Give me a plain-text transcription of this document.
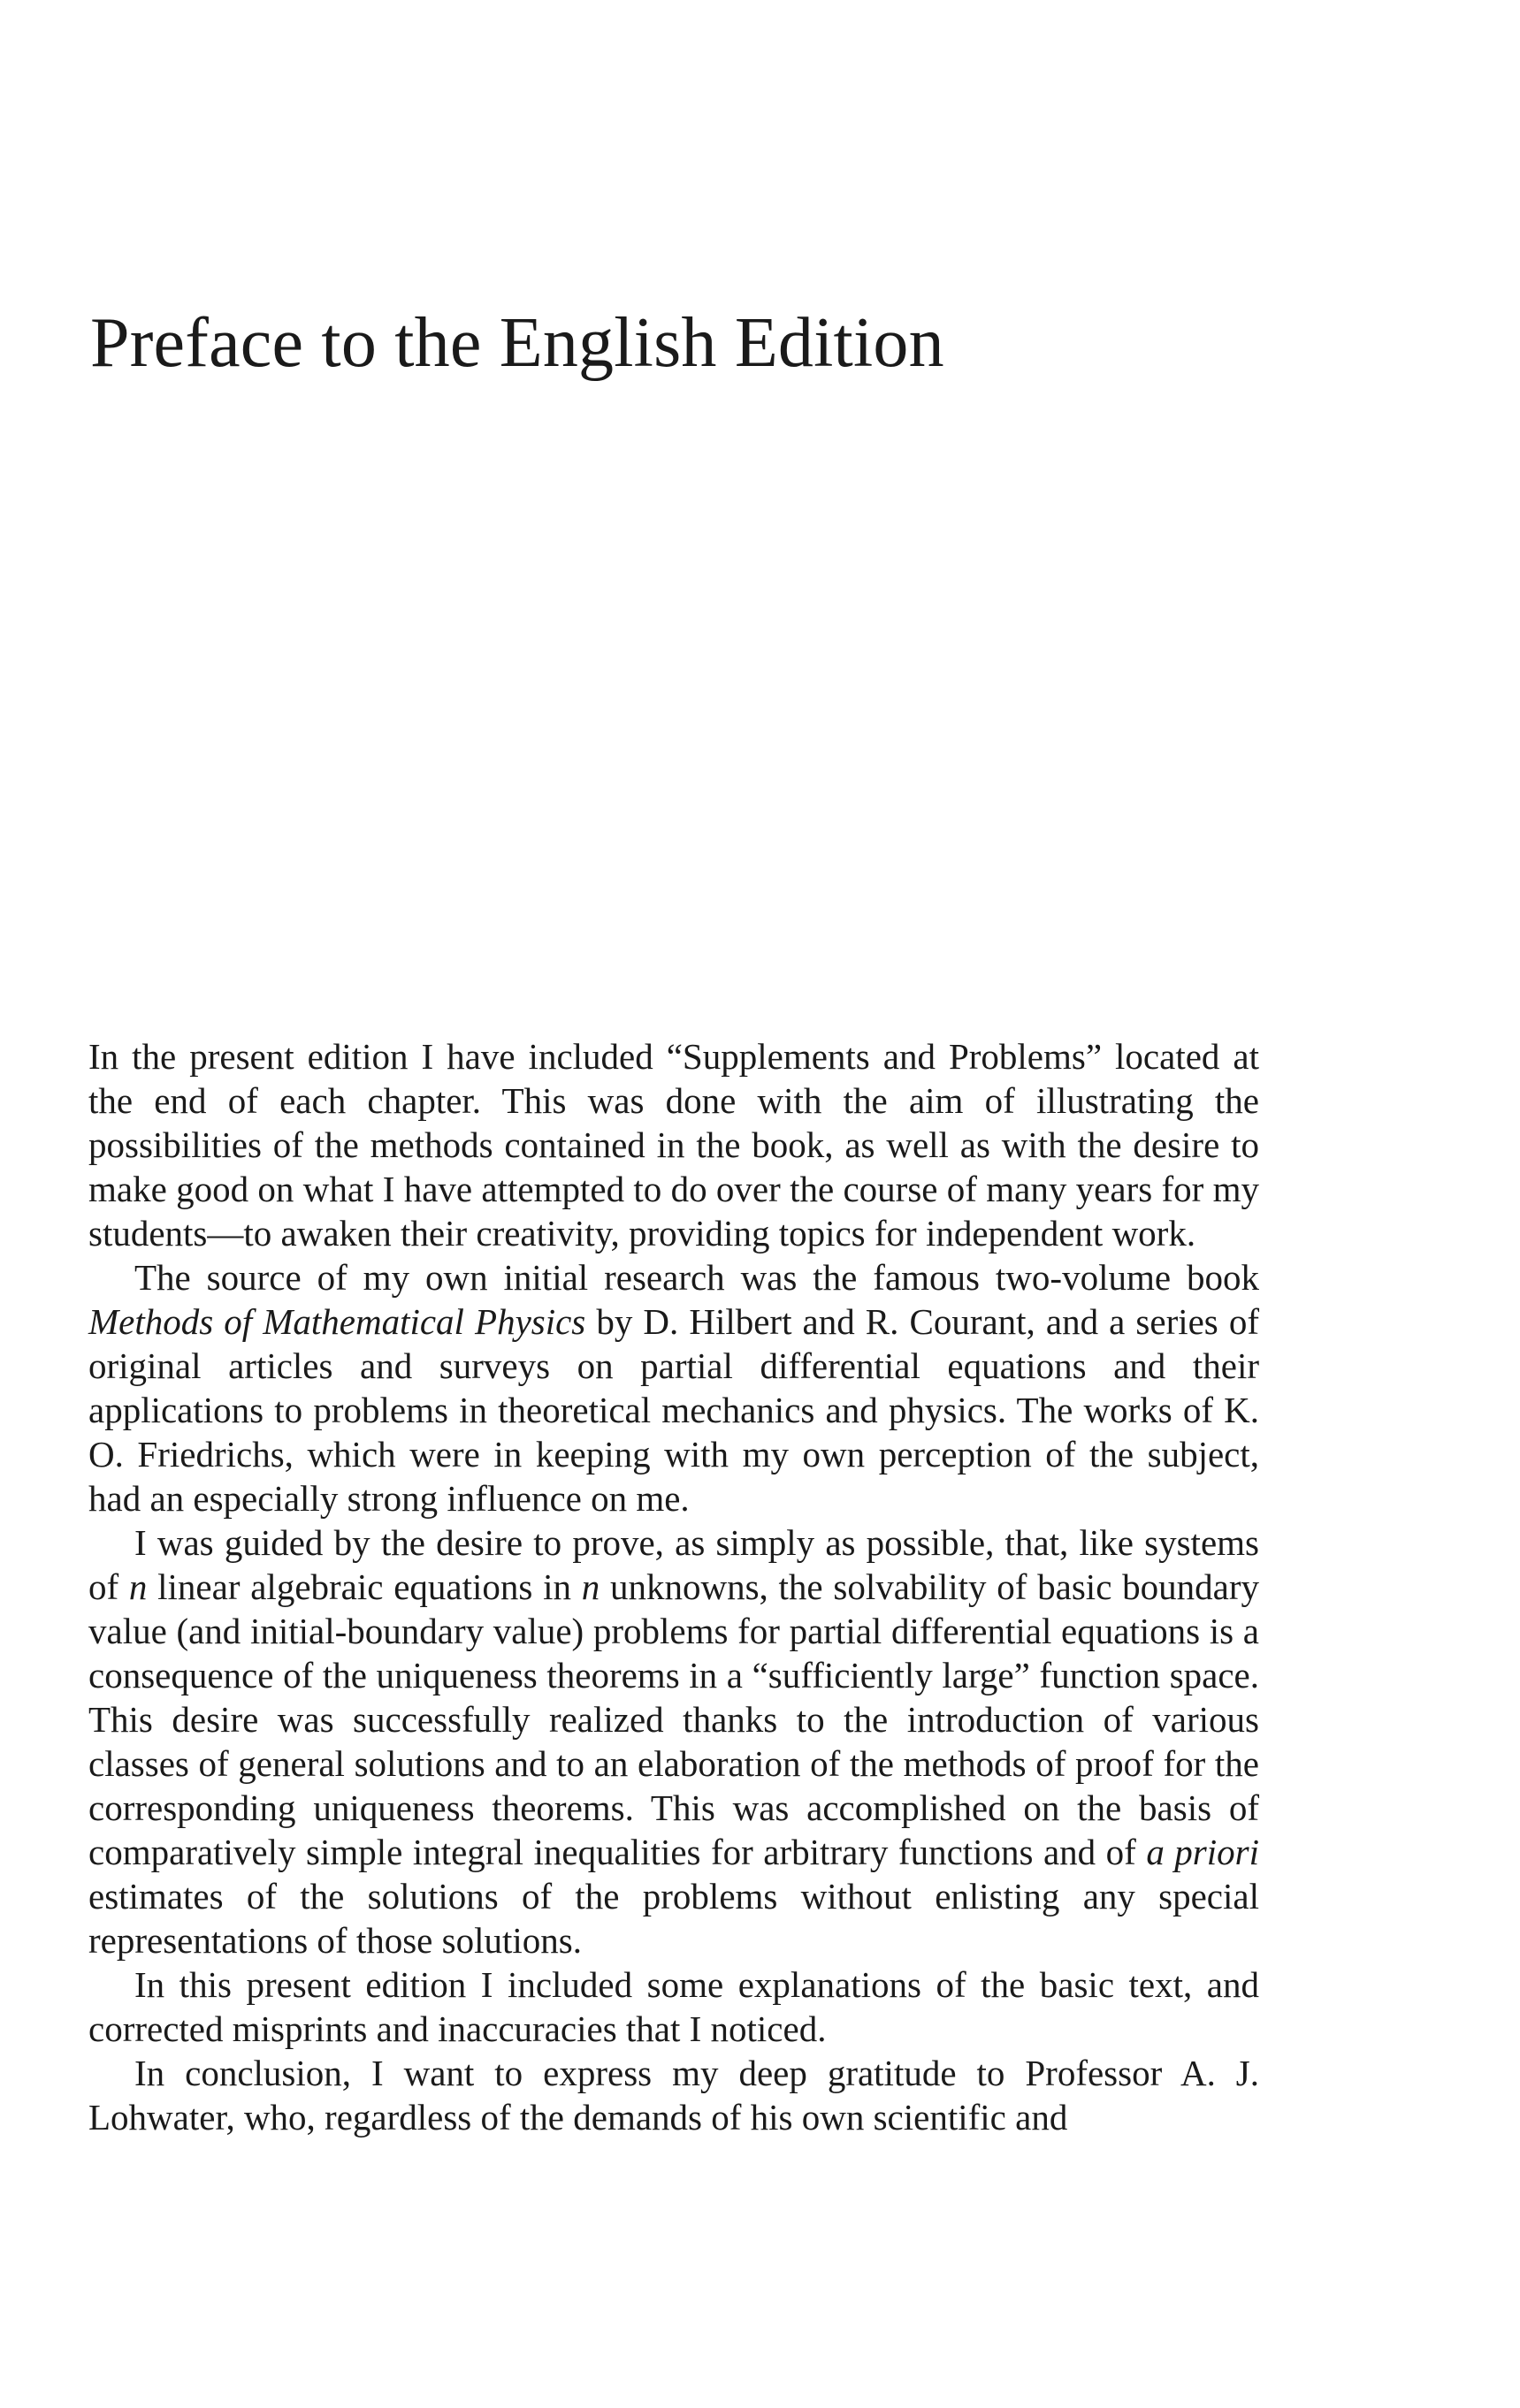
Preface to the English Edition

In the present edition I have included “Supplements and Problems” located at the end of each chapter. This was done with the aim of illustrating the possibilities of the methods contained in the book, as well as with the desire to make good on what I have attempted to do over the course of many years for my students—to awaken their creativity, providing topics for independent work.

The source of my own initial research was the famous two-volume book Methods of Mathematical Physics by D. Hilbert and R. Courant, and a series of original articles and surveys on partial differential equations and their applications to problems in theoretical mechanics and physics. The works of K. O. Friedrichs, which were in keeping with my own perception of the subject, had an especially strong influence on me.

I was guided by the desire to prove, as simply as possible, that, like systems of n linear algebraic equations in n unknowns, the solvability of basic boundary value (and initial-boundary value) problems for partial differential equations is a consequence of the uniqueness theorems in a “sufficiently large” function space. This desire was successfully realized thanks to the introduction of various classes of general solutions and to an elaboration of the methods of proof for the corresponding uniqueness theorems. This was accomplished on the basis of comparatively simple integral inequalities for arbitrary functions and of a priori estimates of the solutions of the problems without enlisting any special representations of those solutions.

In this present edition I included some explanations of the basic text, and corrected misprints and inaccuracies that I noticed.

In conclusion, I want to express my deep gratitude to Professor A. J. Lohwater, who, regardless of the demands of his own scientific and
